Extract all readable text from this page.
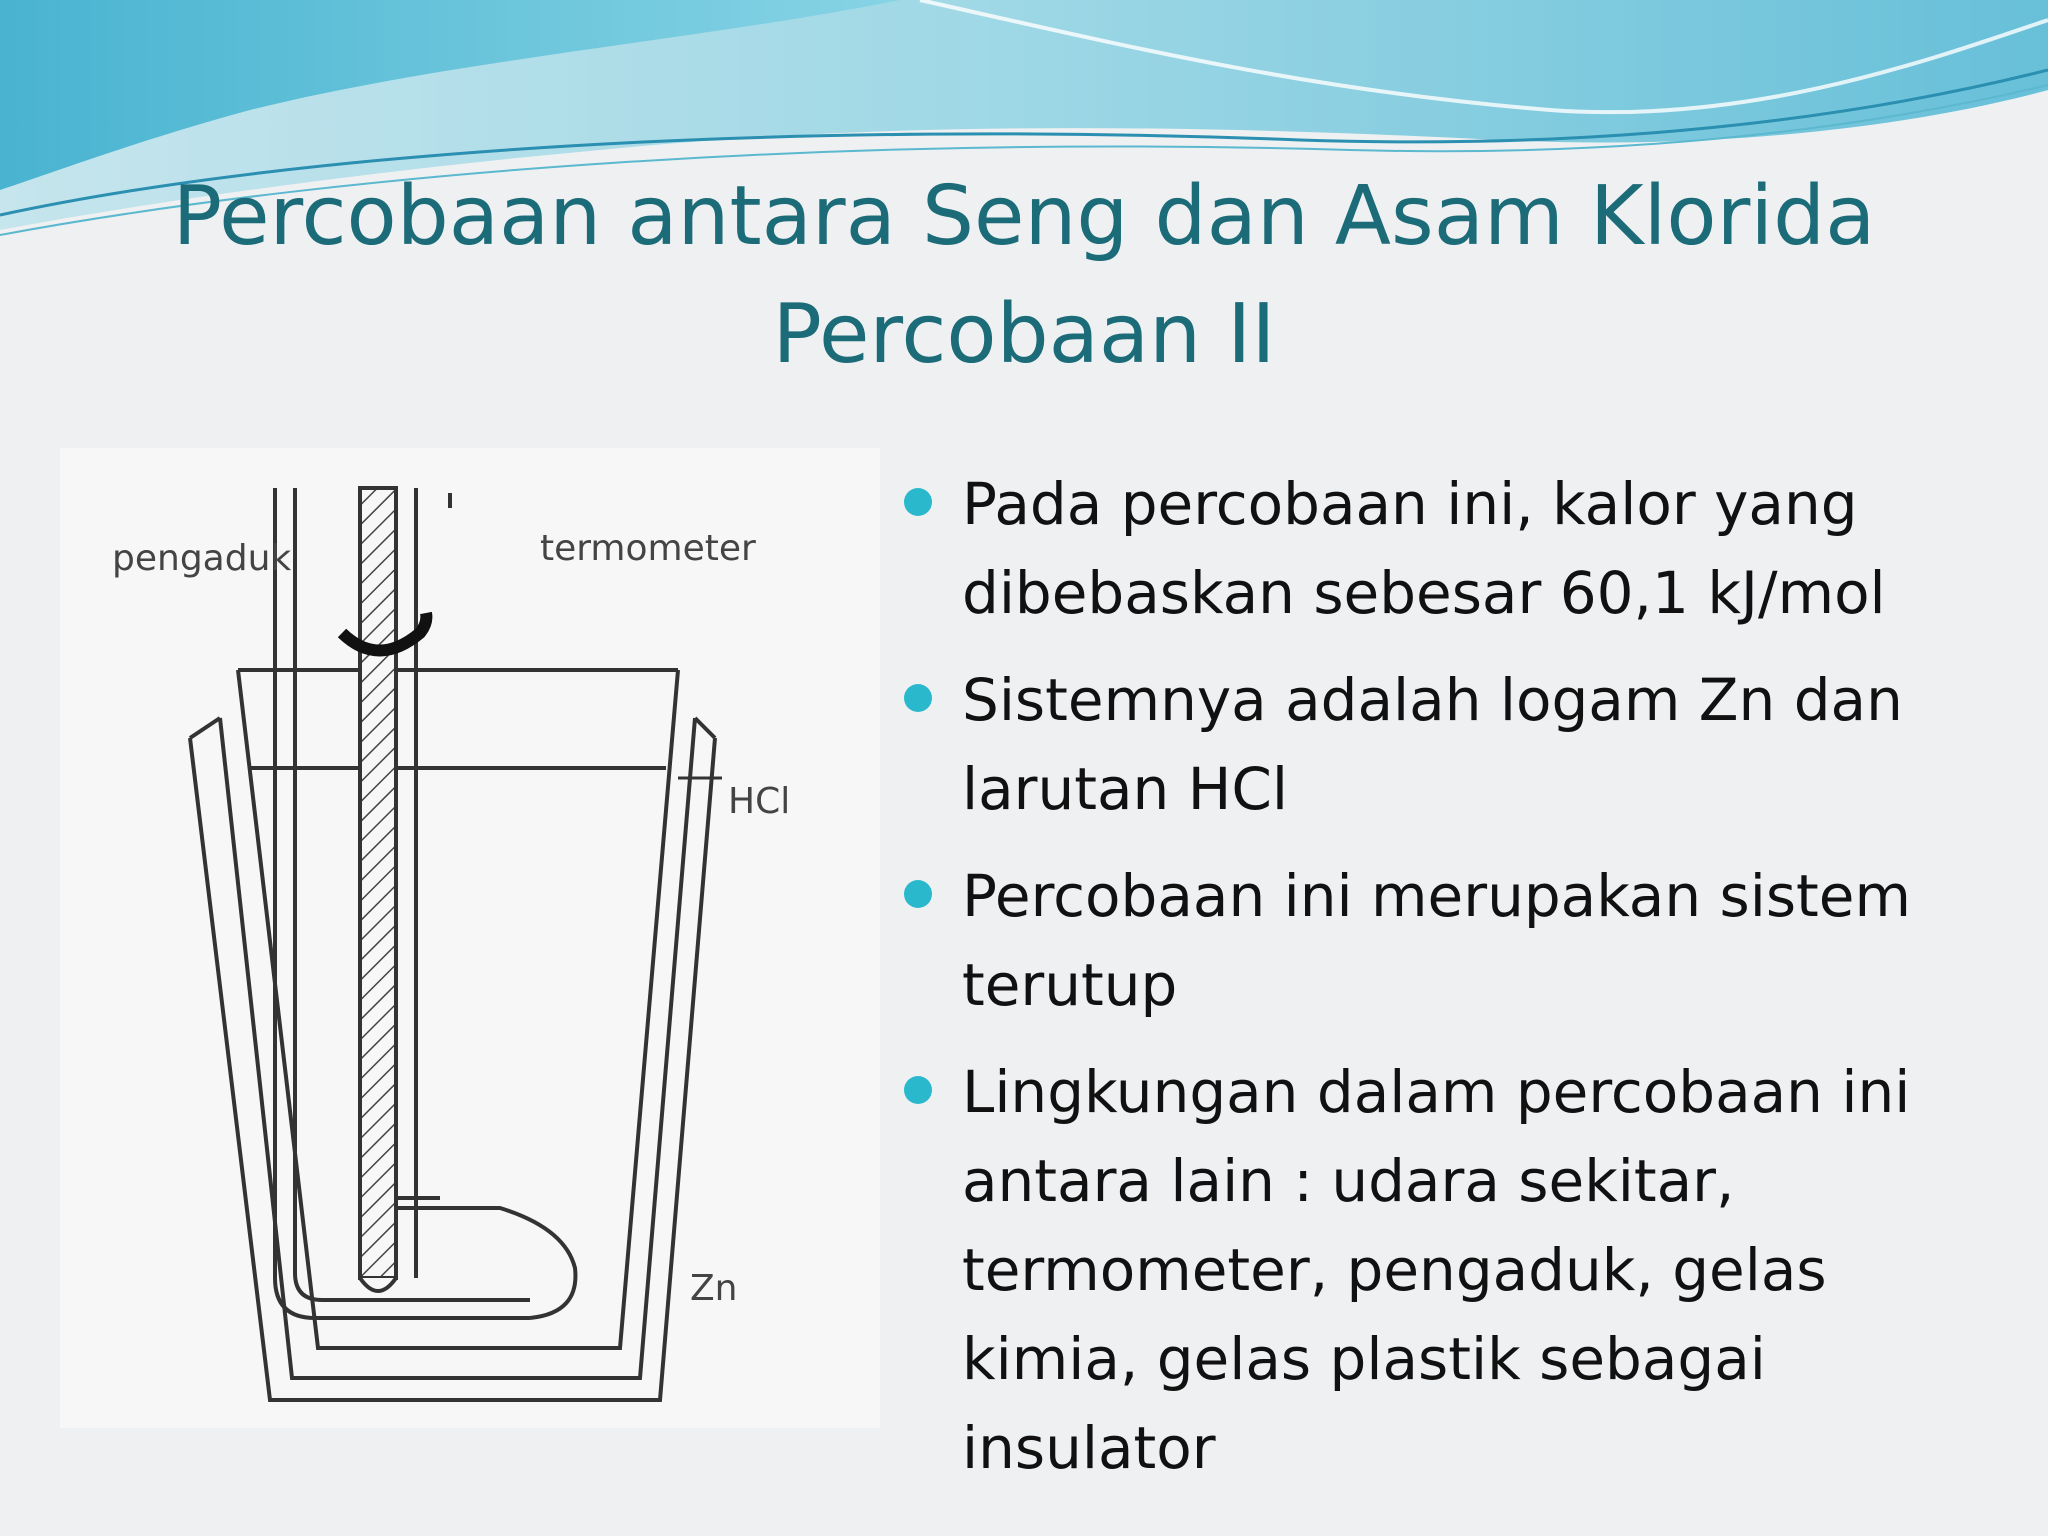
Percobaan antara Seng dan Asam Klorida
Percobaan II
pengaduk	termometer
HCl
Zn
Pada percobaan ini, kalor yang dibebaskan sebesar 60,1 kJ/mol
Sistemnya adalah logam Zn dan larutan HCl
Percobaan ini merupakan sistem terutup
Lingkungan dalam percobaan ini antara lain : udara sekitar, termometer, pengaduk, gelas kimia, gelas plastik sebagai insulator
